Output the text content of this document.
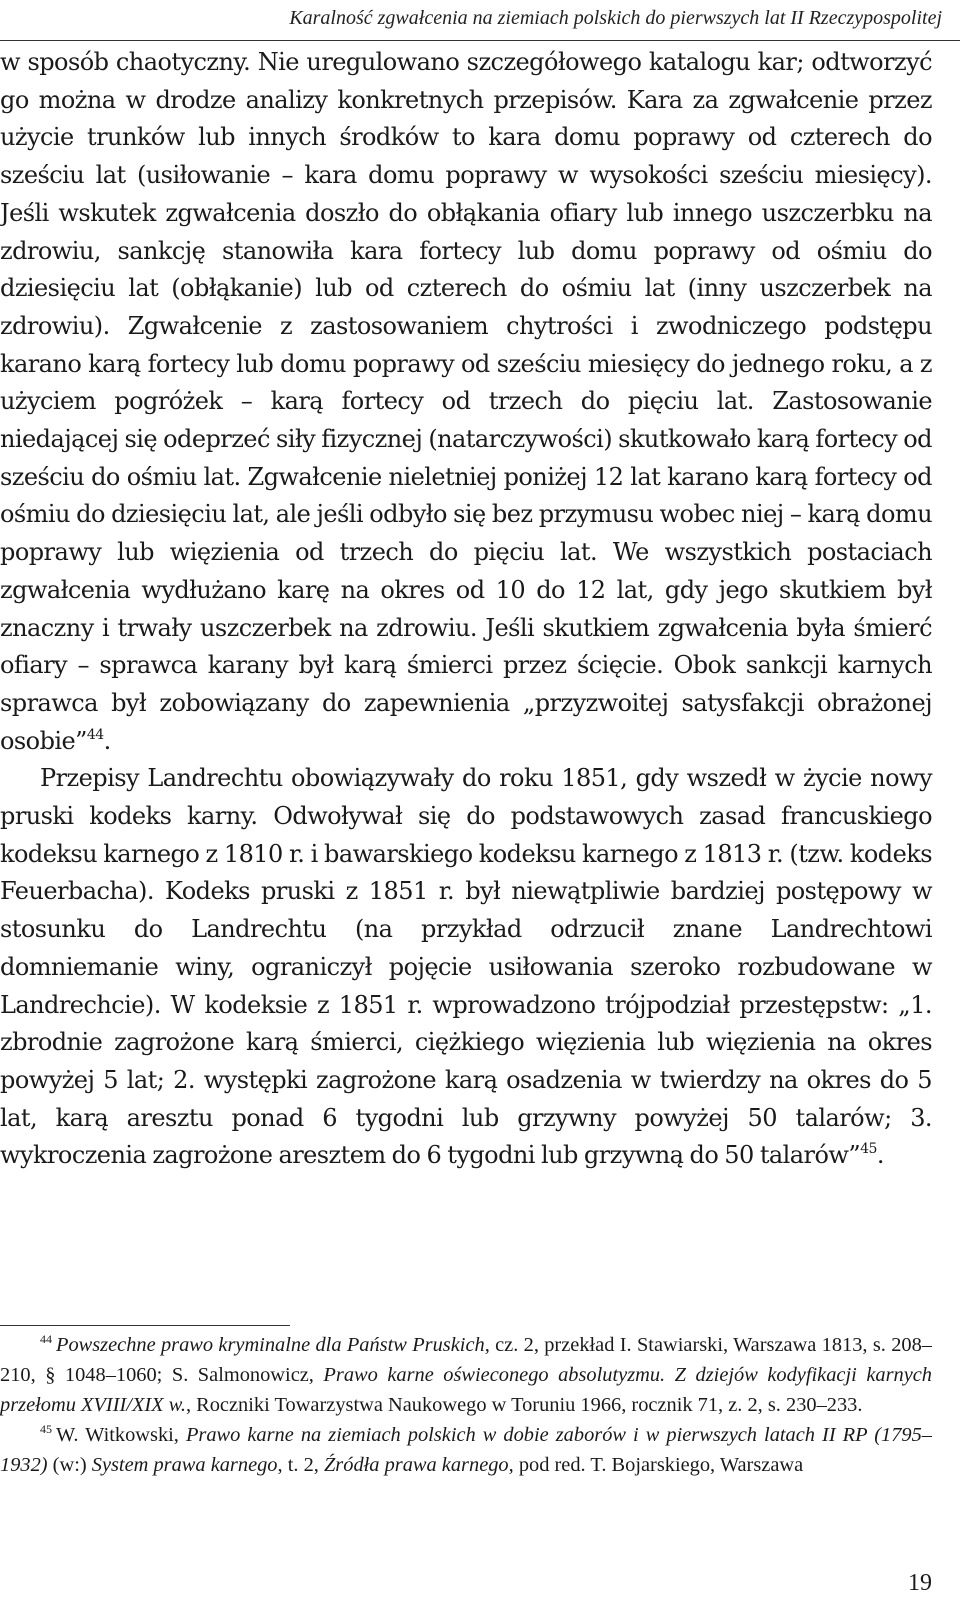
Karalność zgwałcenia na ziemiach polskich do pierwszych lat II Rzeczypospolitej

w sposób chaotyczny. Nie uregulowano szczegółowego katalogu kar; odtworzyć go można w drodze analizy konkretnych przepisów. Kara za zgwałcenie przez użycie trunków lub innych środków to kara domu poprawy od czterech do sześciu lat (usiłowanie – kara domu poprawy w wysokości sześciu miesięcy). Jeśli wskutek zgwałcenia doszło do obłąkania ofiary lub innego uszczerbku na zdrowiu, sankcję stanowiła kara fortecy lub domu poprawy od ośmiu do dziesięciu lat (obłąkanie) lub od czterech do ośmiu lat (inny uszczerbek na zdrowiu). Zgwałcenie z zastosowaniem chytrości i zwodniczego podstępu karano karą fortecy lub domu poprawy od sześciu miesięcy do jednego roku, a z użyciem pogróżek – karą fortecy od trzech do pięciu lat. Zastosowanie niedającej się odeprzeć siły fizycznej (natarczywości) skutkowało karą fortecy od sześciu do ośmiu lat. Zgwałcenie nieletniej poniżej 12 lat karano karą fortecy od ośmiu do dziesięciu lat, ale jeśli odbyło się bez przymusu wobec niej – karą domu poprawy lub więzienia od trzech do pięciu lat. We wszystkich postaciach zgwałcenia wydłużano karę na okres od 10 do 12 lat, gdy jego skutkiem był znaczny i trwały uszczerbek na zdrowiu. Jeśli skutkiem zgwałcenia była śmierć ofiary – sprawca karany był karą śmierci przez ścięcie. Obok sankcji karnych sprawca był zobowiązany do zapewnienia „przyzwoitej satysfakcji obrażonej osobie”$^{44}$.

Przepisy Landrechtu obowiązywały do roku 1851, gdy wszedł w życie nowy pruski kodeks karny. Odwoływał się do podstawowych zasad francuskiego kodeksu karnego z 1810 r. i bawarskiego kodeksu karnego z 1813 r. (tzw. kodeks Feuerbacha). Kodeks pruski z 1851 r. był niewątpliwie bardziej postępowy w stosunku do Landrechtu (na przykład odrzucił znane Landrechtowi domniemanie winy, ograniczył pojęcie usiłowania szeroko rozbudowane w Landrechcie). W kodeksie z 1851 r. wprowadzono trójpodział przestępstw: „1. zbrodnie zagrożone karą śmierci, ciężkiego więzienia lub więzienia na okres powyżej 5 lat; 2. występki zagrożone karą osadzenia w twierdzy na okres do 5 lat, karą aresztu ponad 6 tygodni lub grzywny powyżej 50 talarów; 3. wykroczenia zagrożone aresztem do 6 tygodni lub grzywną do 50 talarów”$^{45}$.

$^{44}$ Powszechne prawo kryminalne dla Państw Pruskich, cz. 2, przekład I. Stawiarski, Warszawa 1813, s. 208–210, § 1048–1060; S. Salmonowicz, Prawo karne oświeconego absolutyzmu. Z dziejów kodyfikacji karnych przełomu XVIII/XIX w., Roczniki Towarzystwa Naukowego w Toruniu 1966, rocznik 71, z. 2, s. 230–233.

$^{45}$ W. Witkowski, Prawo karne na ziemiach polskich w dobie zaborów i w pierwszych latach II RP (1795–1932) (w:) System prawa karnego, t. 2, Źródła prawa karnego, pod red. T. Bojarskiego, Warszawa

19
